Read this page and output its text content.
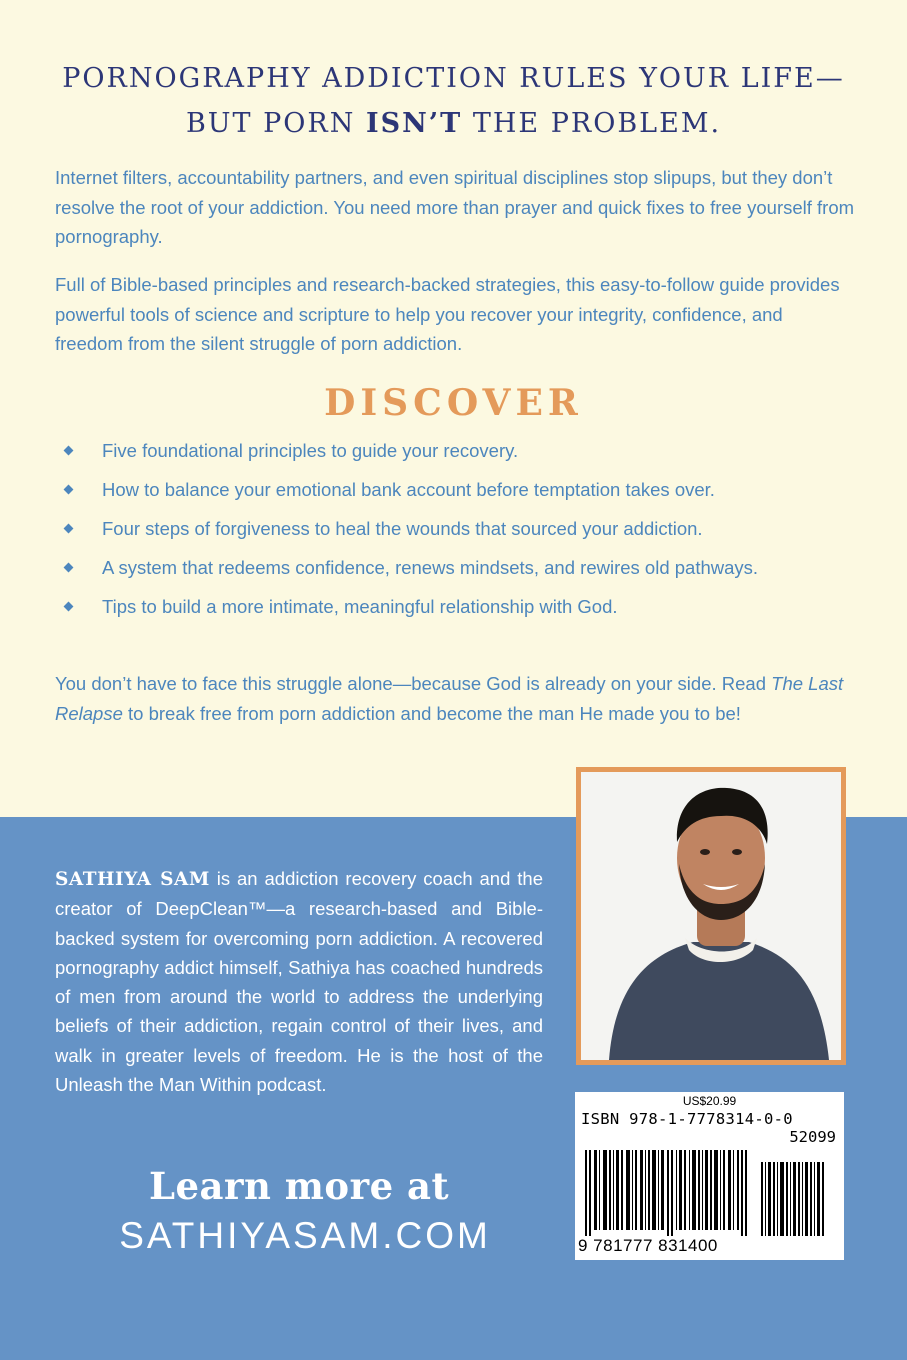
PORNOGRAPHY ADDICTION RULES YOUR LIFE—
BUT PORN ISN’T THE PROBLEM.
Internet filters, accountability partners, and even spiritual disciplines stop slipups, but they don’t resolve the root of your addiction. You need more than prayer and quick fixes to free yourself from pornography.
Full of Bible-based principles and research-backed strategies, this easy-to-follow guide provides powerful tools of science and scripture to help you recover your integrity, confidence, and freedom from the silent struggle of porn addiction.
DISCOVER
Five foundational principles to guide your recovery.
How to balance your emotional bank account before temptation takes over.
Four steps of forgiveness to heal the wounds that sourced your addiction.
A system that redeems confidence, renews mindsets, and rewires old pathways.
Tips to build a more intimate, meaningful relationship with God.
You don’t have to face this struggle alone—because God is already on your side. Read The Last Relapse to break free from porn addiction and become the man He made you to be!
SATHIYA SAM is an addiction recovery coach and the creator of DeepClean™—a research-based and Bible-backed system for overcoming porn addiction. A recovered pornography addict himself, Sathiya has coached hundreds of men from around the world to address the underlying beliefs of their addiction, regain control of their lives, and walk in greater levels of freedom. He is the host of the Unleash the Man Within podcast.
Learn more at
SATHIYASAM.COM
US$20.99
ISBN 978-1-7778314-0-0
52099
9 781777 831400
